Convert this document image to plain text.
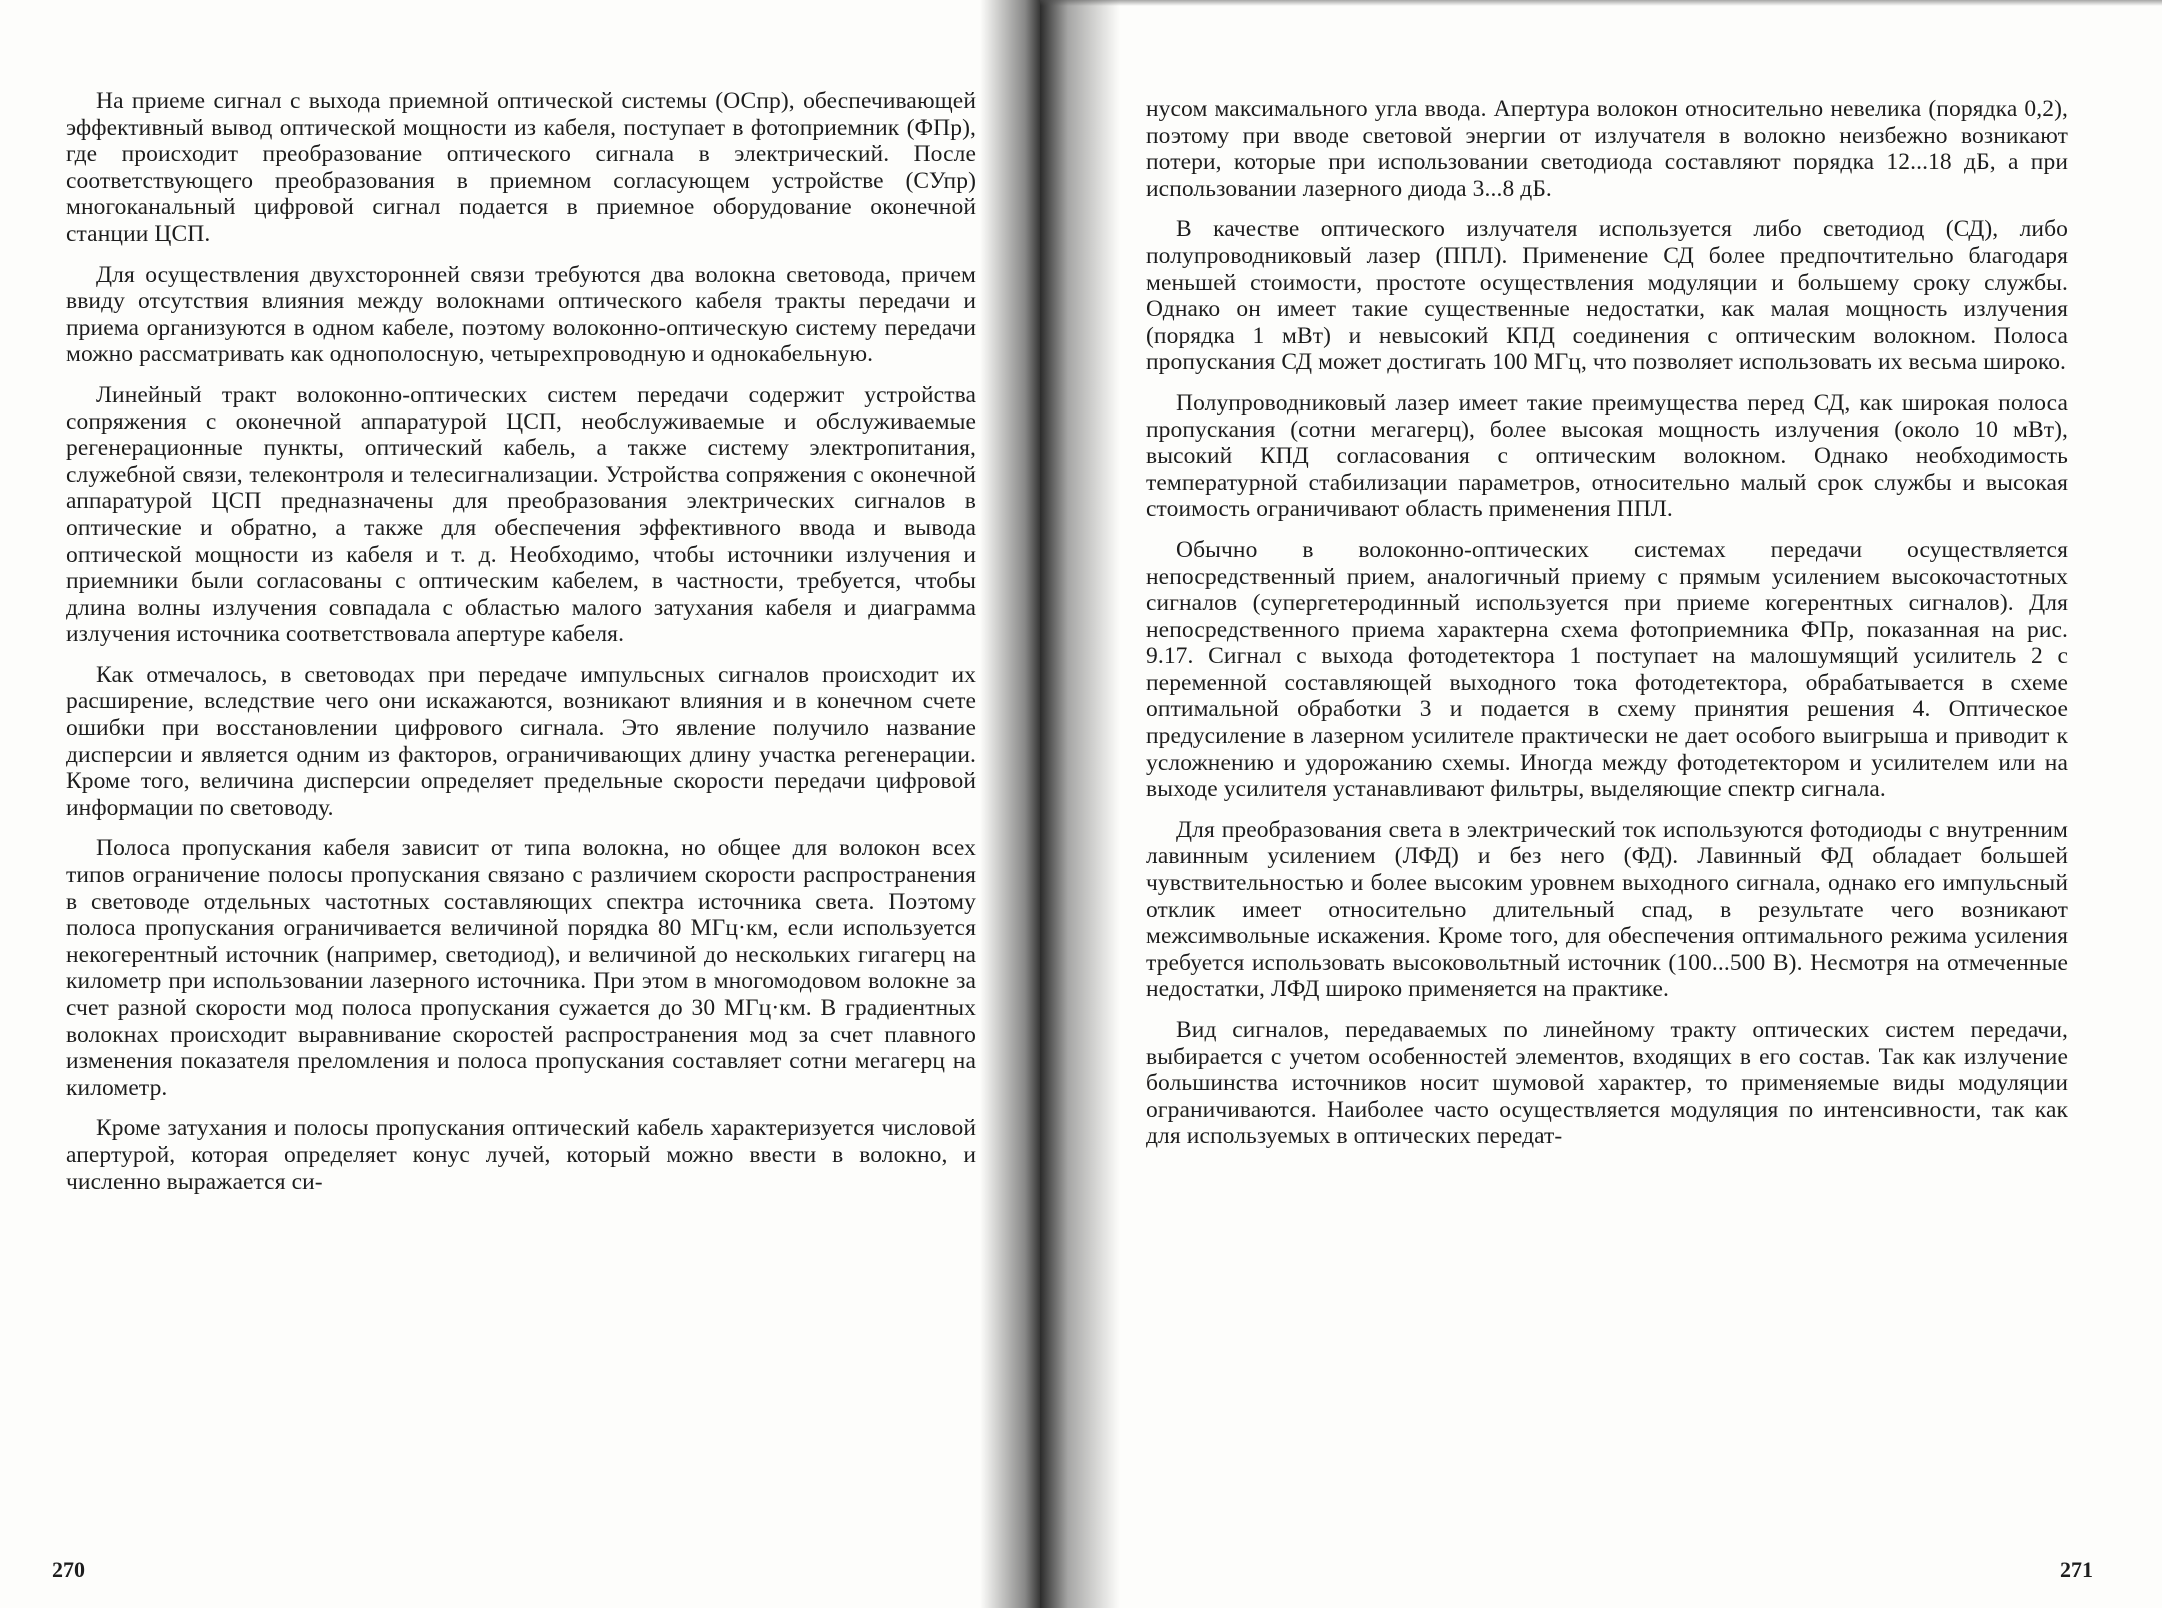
На приеме сигнал с выхода приемной оптической системы (ОСпр), обеспечивающей эффективный вывод оптической мощности из кабеля, поступает в фотоприемник (ФПр), где происходит преобразование оптического сигнала в электрический. После соответствующего преобразования в приемном согласующем устройстве (СУпр) многоканальный цифровой сигнал подается в приемное оборудование оконечной станции ЦСП.

Для осуществления двухсторонней связи требуются два волокна световода, причем ввиду отсутствия влияния между волокнами оптического кабеля тракты передачи и приема организуются в одном кабеле, поэтому волоконно-оптическую систему передачи можно рассматривать как однополосную, четырехпроводную и однокабельную.

Линейный тракт волоконно-оптических систем передачи содержит устройства сопряжения с оконечной аппаратурой ЦСП, необслуживаемые и обслуживаемые регенерационные пункты, оптический кабель, а также систему электропитания, служебной связи, телеконтроля и телесигнализации. Устройства сопряжения с оконечной аппаратурой ЦСП предназначены для преобразования электрических сигналов в оптические и обратно, а также для обеспечения эффективного ввода и вывода оптической мощности из кабеля и т. д. Необходимо, чтобы источники излучения и приемники были согласованы с оптическим кабелем, в частности, требуется, чтобы длина волны излучения совпадала с областью малого затухания кабеля и диаграмма излучения источника соответствовала апертуре кабеля.

Как отмечалось, в световодах при передаче импульсных сигналов происходит их расширение, вследствие чего они искажаются, возникают влияния и в конечном счете ошибки при восстановлении цифрового сигнала. Это явление получило название дисперсии и является одним из факторов, ограничивающих длину участка регенерации. Кроме того, величина дисперсии определяет предельные скорости передачи цифровой информации по световоду.

Полоса пропускания кабеля зависит от типа волокна, но общее для волокон всех типов ограничение полосы пропускания связано с различием скорости распространения в световоде отдельных частотных составляющих спектра источника света. Поэтому полоса пропускания ограничивается величиной порядка 80 МГц·км, если используется некогерентный источник (например, светодиод), и величиной до нескольких гигагерц на километр при использовании лазерного источника. При этом в многомодовом волокне за счет разной скорости мод полоса пропускания сужается до 30 МГц·км. В градиентных волокнах происходит выравнивание скоростей распространения мод за счет плавного изменения показателя преломления и полоса пропускания составляет сотни мегагерц на километр.

Кроме затухания и полосы пропускания оптический кабель характеризуется числовой апертурой, которая определяет конус лучей, который можно ввести в волокно, и численно выражается си-

270

нусом максимального угла ввода. Апертура волокон относительно невелика (порядка 0,2), поэтому при вводе световой энергии от излучателя в волокно неизбежно возникают потери, которые при использовании светодиода составляют порядка 12...18 дБ, а при использовании лазерного диода 3...8 дБ.

В качестве оптического излучателя используется либо светодиод (СД), либо полупроводниковый лазер (ППЛ). Применение СД более предпочтительно благодаря меньшей стоимости, простоте осуществления модуляции и большему сроку службы. Однако он имеет такие существенные недостатки, как малая мощность излучения (порядка 1 мВт) и невысокий КПД соединения с оптическим волокном. Полоса пропускания СД может достигать 100 МГц, что позволяет использовать их весьма широко.

Полупроводниковый лазер имеет такие преимущества перед СД, как широкая полоса пропускания (сотни мегагерц), более высокая мощность излучения (около 10 мВт), высокий КПД согласования с оптическим волокном. Однако необходимость температурной стабилизации параметров, относительно малый срок службы и высокая стоимость ограничивают область применения ППЛ.

Обычно в волоконно-оптических системах передачи осуществляется непосредственный прием, аналогичный приему с прямым усилением высокочастотных сигналов (супергетеродинный используется при приеме когерентных сигналов). Для непосредственного приема характерна схема фотоприемника ФПр, показанная на рис. 9.17. Сигнал с выхода фотодетектора 1 поступает на малошумящий усилитель 2 с переменной составляющей выходного тока фотодетектора, обрабатывается в схеме оптимальной обработки 3 и подается в схему принятия решения 4. Оптическое предусиление в лазерном усилителе практически не дает особого выигрыша и приводит к усложнению и удорожанию схемы. Иногда между фотодетектором и усилителем или на выходе усилителя устанавливают фильтры, выделяющие спектр сигнала.

Для преобразования света в электрический ток используются фотодиоды с внутренним лавинным усилением (ЛФД) и без него (ФД). Лавинный ФД обладает большей чувствительностью и более высоким уровнем выходного сигнала, однако его импульсный отклик имеет относительно длительный спад, в результате чего возникают межсимвольные искажения. Кроме того, для обеспечения оптимального режима усиления требуется использовать высоковольтный источник (100...500 В). Несмотря на отмеченные недостатки, ЛФД широко применяется на практике.

Вид сигналов, передаваемых по линейному тракту оптических систем передачи, выбирается с учетом особенностей элементов, входящих в его состав. Так как излучение большинства источников носит шумовой характер, то применяемые виды модуляции ограничиваются. Наиболее часто осуществляется модуляция по интенсивности, так как для используемых в оптических передат-

271
